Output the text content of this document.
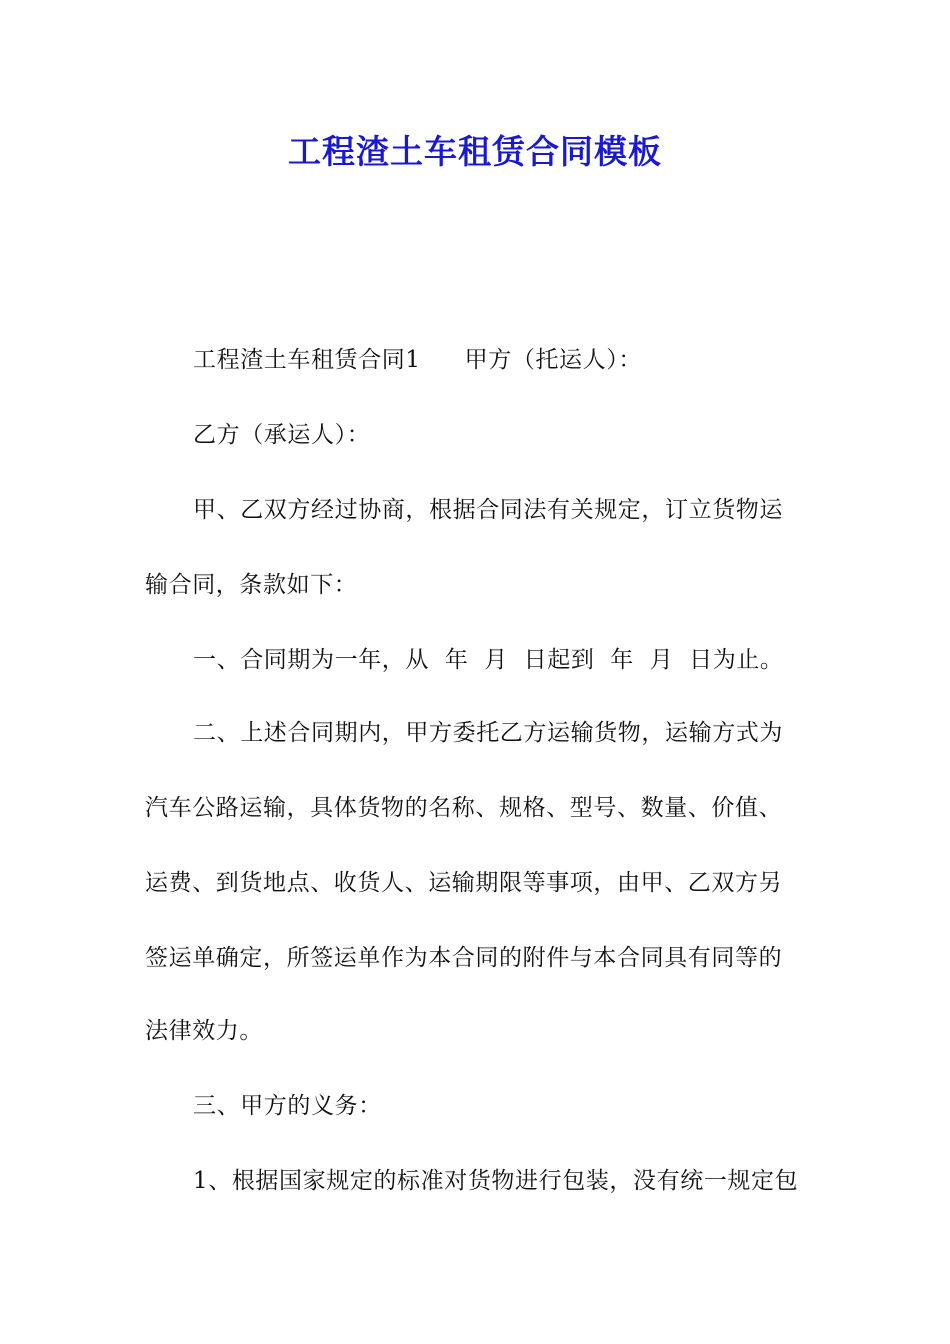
工程渣土车租赁合同模板
工程渣土车租赁合同1 甲方（托运人）：
乙方（承运人）：
甲、乙双方经过协商，根据合同法有关规定，订立货物运
输合同，条款如下：
一、合同期为一年，从  年  月  日起到  年  月  日为止。
二、上述合同期内，甲方委托乙方运输货物，运输方式为
汽车公路运输，具体货物的名称、规格、型号、数量、价值、
运费、到货地点、收货人、运输期限等事项，由甲、乙双方另
签运单确定，所签运单作为本合同的附件与本合同具有同等的
法律效力。
三、甲方的义务：
1、根据国家规定的标准对货物进行包装，没有统一规定包
